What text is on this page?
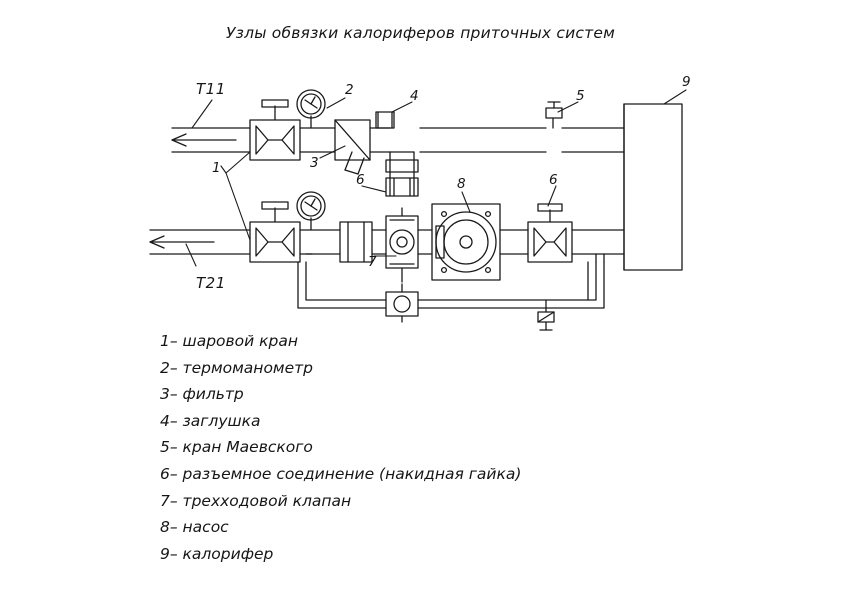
Узлы обвязки калориферов приточных систем
Т11
Т21
1
2
3
4	5
6	6
7
8
9
1– шаровой кран
2– термоманометр
3– фильтр
4– заглушка
5– кран Маевского
6– разъемное соединение (накидная гайка)
7– трехходовой клапан
8– насос
9– калорифер
